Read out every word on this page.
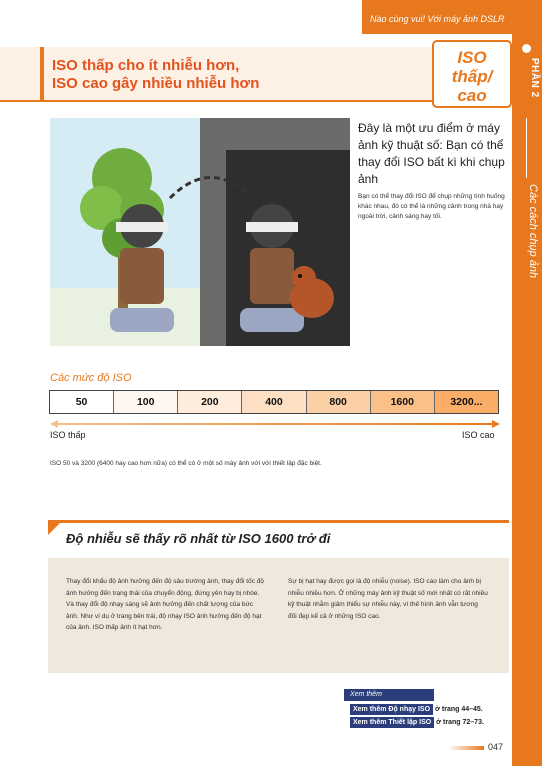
Nào cùng vui! Với máy ảnh DSLR
PHẦN 2
Các cách chụp ảnh
ISO thấp cho ít nhiễu hơn,
ISO cao gây nhiều nhiễu hơn
ISO
thấp/
cao
Đây là một ưu điểm ở máy ảnh kỹ thuật số: Bạn có thể thay đổi ISO bất kì khi chụp ảnh
Bạn có thể thay đổi ISO để chụp những tình huống khác nhau, đó có thể là những cảnh trong nhà hay ngoài trời, cảnh sáng hay tối.
Các mức độ ISO
50	100	200	400	800	1600	3200...
ISO thấp	ISO cao
ISO 50 và 3200 (6400 hay cao hơn nữa) có thể có ở một số máy ảnh với với thiết lập đặc biệt.
Độ nhiễu sẽ thấy rõ nhất từ ISO 1600 trở đi
Thay đổi khẩu độ ảnh hưởng đến độ sâu trường ảnh, thay đổi tốc độ ảnh hưởng đến trạng thái của chuyển động, đứng yên hay bị nhòe. Và thay đổi độ nhạy sáng sẽ ảnh hưởng đến chất lượng của bức ảnh. Như ví dụ ở trang bên trái, độ nhạy ISO ảnh hưởng đến độ hạt của ảnh. ISO thấp ảnh ít hạt hơn.
Sự bị hạt hay được gọi là độ nhiễu (noise). ISO cao làm cho ảnh bị nhiễu nhiều hơn. Ở những máy ảnh kỹ thuật số mới nhất có rất nhiều kỹ thuật nhằm giảm thiểu sự nhiễu này, vì thế hình ảnh vẫn tương đối đẹp kể cả ở những ISO cao.
Xem thêm
Xem thêm Độ nhạy ISO ở trang 44–45.
Xem thêm Thiết lập ISO ở trang 72–73.
047
